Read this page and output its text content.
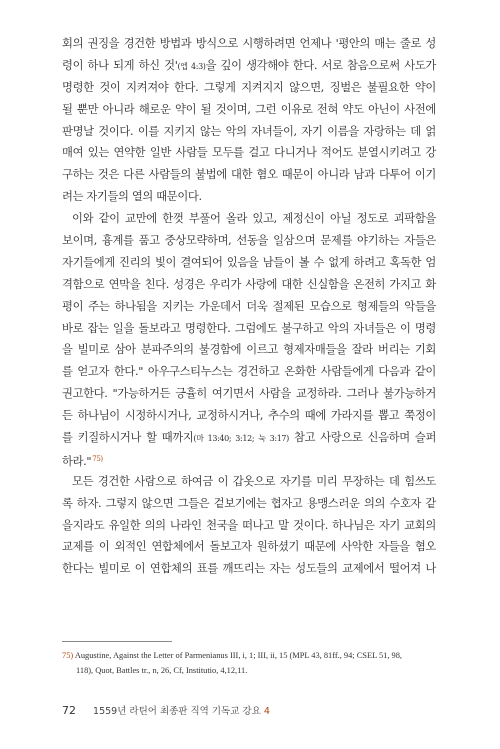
회의 권징을 경건한 방법과 방식으로 시행하려면 언제나 '평안의 매는 줄로 성
령이 하나 되게 하신 것'(엡 4:3)을 깊이 생각해야 한다. 서로 참음으로써 사도가
명령한 것이 지켜져야 한다. 그렇게 지켜지지 않으면, 징벌은 불필요한 약이
될 뿐만 아니라 해로운 약이 될 것이며, 그런 이유로 전혀 약도 아닌이 사전에
판명날 것이다. 이를 지키지 않는 악의 자녀들이, 자기 이름을 자랑하는 데 얽
매여 있는 연약한 일반 사람들 모두를 걸고 다니거나 적어도 분열시키려고 강
구하는 것은 다른 사람들의 불법에 대한 혐오 때문이 아니라 남과 다투어 이기
려는 자기들의 열의 때문이다.
이와 같이 교만에 한껏 부풀어 올라 있고, 제정신이 아닐 정도로 괴팍함을
보이며, 흉계를 품고 중상모략하며, 선동을 일삼으며 문제를 야기하는 자들은
자기들에게 진리의 빛이 결여되어 있음을 남들이 볼 수 없게 하려고 혹독한 엄
격함으로 연막을 친다. 성경은 우리가 사랑에 대한 신실함을 온전히 가지고 화
평이 주는 하나됨을 지키는 가운데서 더욱 절제된 모습으로 형제들의 악들을
바로 잡는 일을 돌보라고 명령한다. 그럼에도 불구하고 악의 자녀들은 이 명령
을 빌미로 삼아 분파주의의 불경함에 이르고 형제자매들을 잘라 버리는 기회
를 얻고자 한다." 아우구스티누스는 경건하고 온화한 사람들에게 다음과 같이
권고한다. "가능하거든 긍휼히 여기면서 사람을 교정하라. 그러나 불가능하거
든 하나님이 시정하시거나, 교정하시거나, 추수의 때에 가라지를 뽑고 쭉정이
를 키질하시거나 할 때까지(마 13:40; 3:12; 눅 3:17) 참고 사랑으로 신음하며 슬퍼
하라."$^{75)}$
모든 경건한 사람으로 하여금 이 갑옷으로 자기를 미리 무장하는 데 힘쓰도
록 하자. 그렇지 않으면 그들은 겉보기에는 협자고 용맹스러운 의의 수호자 같
을지라도 유일한 의의 나라인 천국을 떠나고 말 것이다. 하나님은 자기 교회의
교제를 이 외적인 연합체에서 돌보고자 원하셨기 때문에 사악한 자들을 혐오
한다는 빌미로 이 연합체의 표를 깨뜨리는 자는 성도들의 교제에서 떨어져 나
75) Augustine, Against the Letter of Parmenianus III, i, 1; III, ii, 15 (MPL 43, 81ff., 94; CSEL 51, 98,
118), Quot, Battles tr., n, 26, Cf, Institutio, 4,12,11.
72 1559년 라틴어 최종판 직역 기독교 강요 4
